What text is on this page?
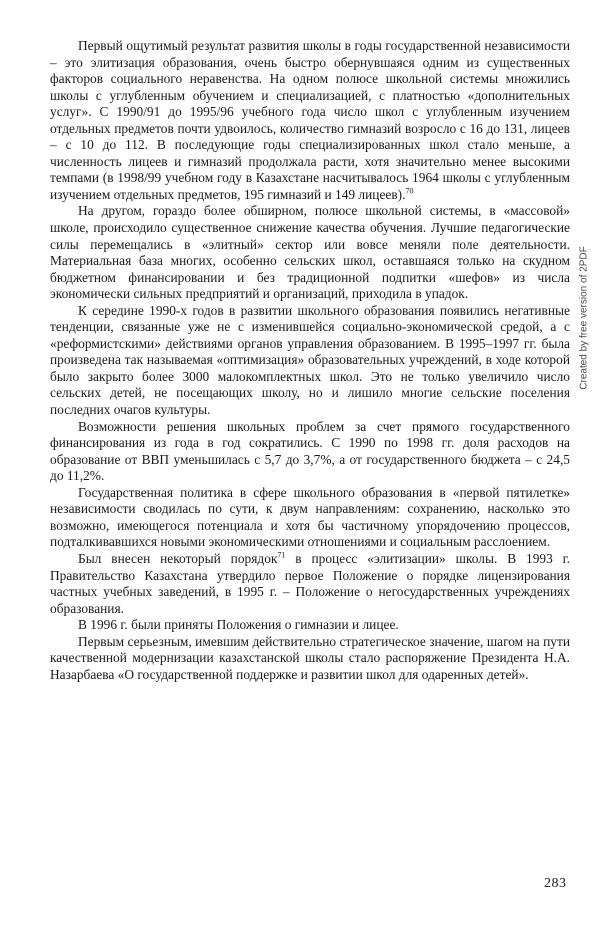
Первый ощутимый результат развития школы в годы государственной независимости – это элитизация образования, очень быстро обернувшаяся одним из существенных факторов социального неравенства. На одном полюсе школьной системы множились школы с углубленным обучением и специализацией, с платностью «дополнительных услуг». С 1990/91 до 1995/96 учебного года число школ с углубленным изучением отдельных предметов почти удвоилось, количество гимназий возросло с 16 до 131, лицеев – с 10 до 112. В последующие годы специализированных школ стало меньше, а численность лицеев и гимназий продолжала расти, хотя значительно менее высокими темпами (в 1998/99 учебном году в Казахстане насчитывалось 1964 школы с углубленным изучением отдельных предметов, 195 гимназий и 149 лицеев).$^{70}$

На другом, гораздо более обширном, полюсе школьной системы, в «массовой» школе, происходило существенное снижение качества обучения. Лучшие педагогические силы перемещались в «элитный» сектор или вовсе меняли поле деятельности. Материальная база многих, особенно сельских школ, оставшаяся только на скудном бюджетном финансировании и без традиционной подпитки «шефов» из числа экономически сильных предприятий и организаций, приходила в упадок.

К середине 1990-х годов в развитии школьного образования появились негативные тенденции, связанные уже не с изменившейся социально-экономической средой, а с «реформистскими» действиями органов управления образованием. В 1995–1997 гг. была произведена так называемая «оптимизация» образовательных учреждений, в ходе которой было закрыто более 3000 малокомплектных школ. Это не только увеличило число сельских детей, не посещающих школу, но и лишило многие сельские поселения последних очагов культуры.

Возможности решения школьных проблем за счет прямого государственного финансирования из года в год сократились. С 1990 по 1998 гг. доля расходов на образование от ВВП уменьшилась с 5,7 до 3,7%, а от государственного бюджета – с 24,5 до 11,2%.

Государственная политика в сфере школьного образования в «первой пятилетке» независимости сводилась по сути, к двум направлениям: сохранению, насколько это возможно, имеющегося потенциала и хотя бы частичному упорядочению процессов, подталкивавшихся новыми экономическими отношениями и социальным расслоением.

Был внесен некоторый порядок$^{71}$ в процесс «элитизации» школы. В 1993 г. Правительство Казахстана утвердило первое Положение о порядке лицензирования частных учебных заведений, в 1995 г. – Положение о негосударственных учреждениях образования.

В 1996 г. были приняты Положения о гимназии и лицее.

Первым серьезным, имевшим действительно стратегическое значение, шагом на пути качественной модернизации казахстанской школы стало распоряжение Президента Н.А. Назарбаева «О государственной поддержке и развитии школ для одаренных детей».

283
Created by free version of 2PDF
